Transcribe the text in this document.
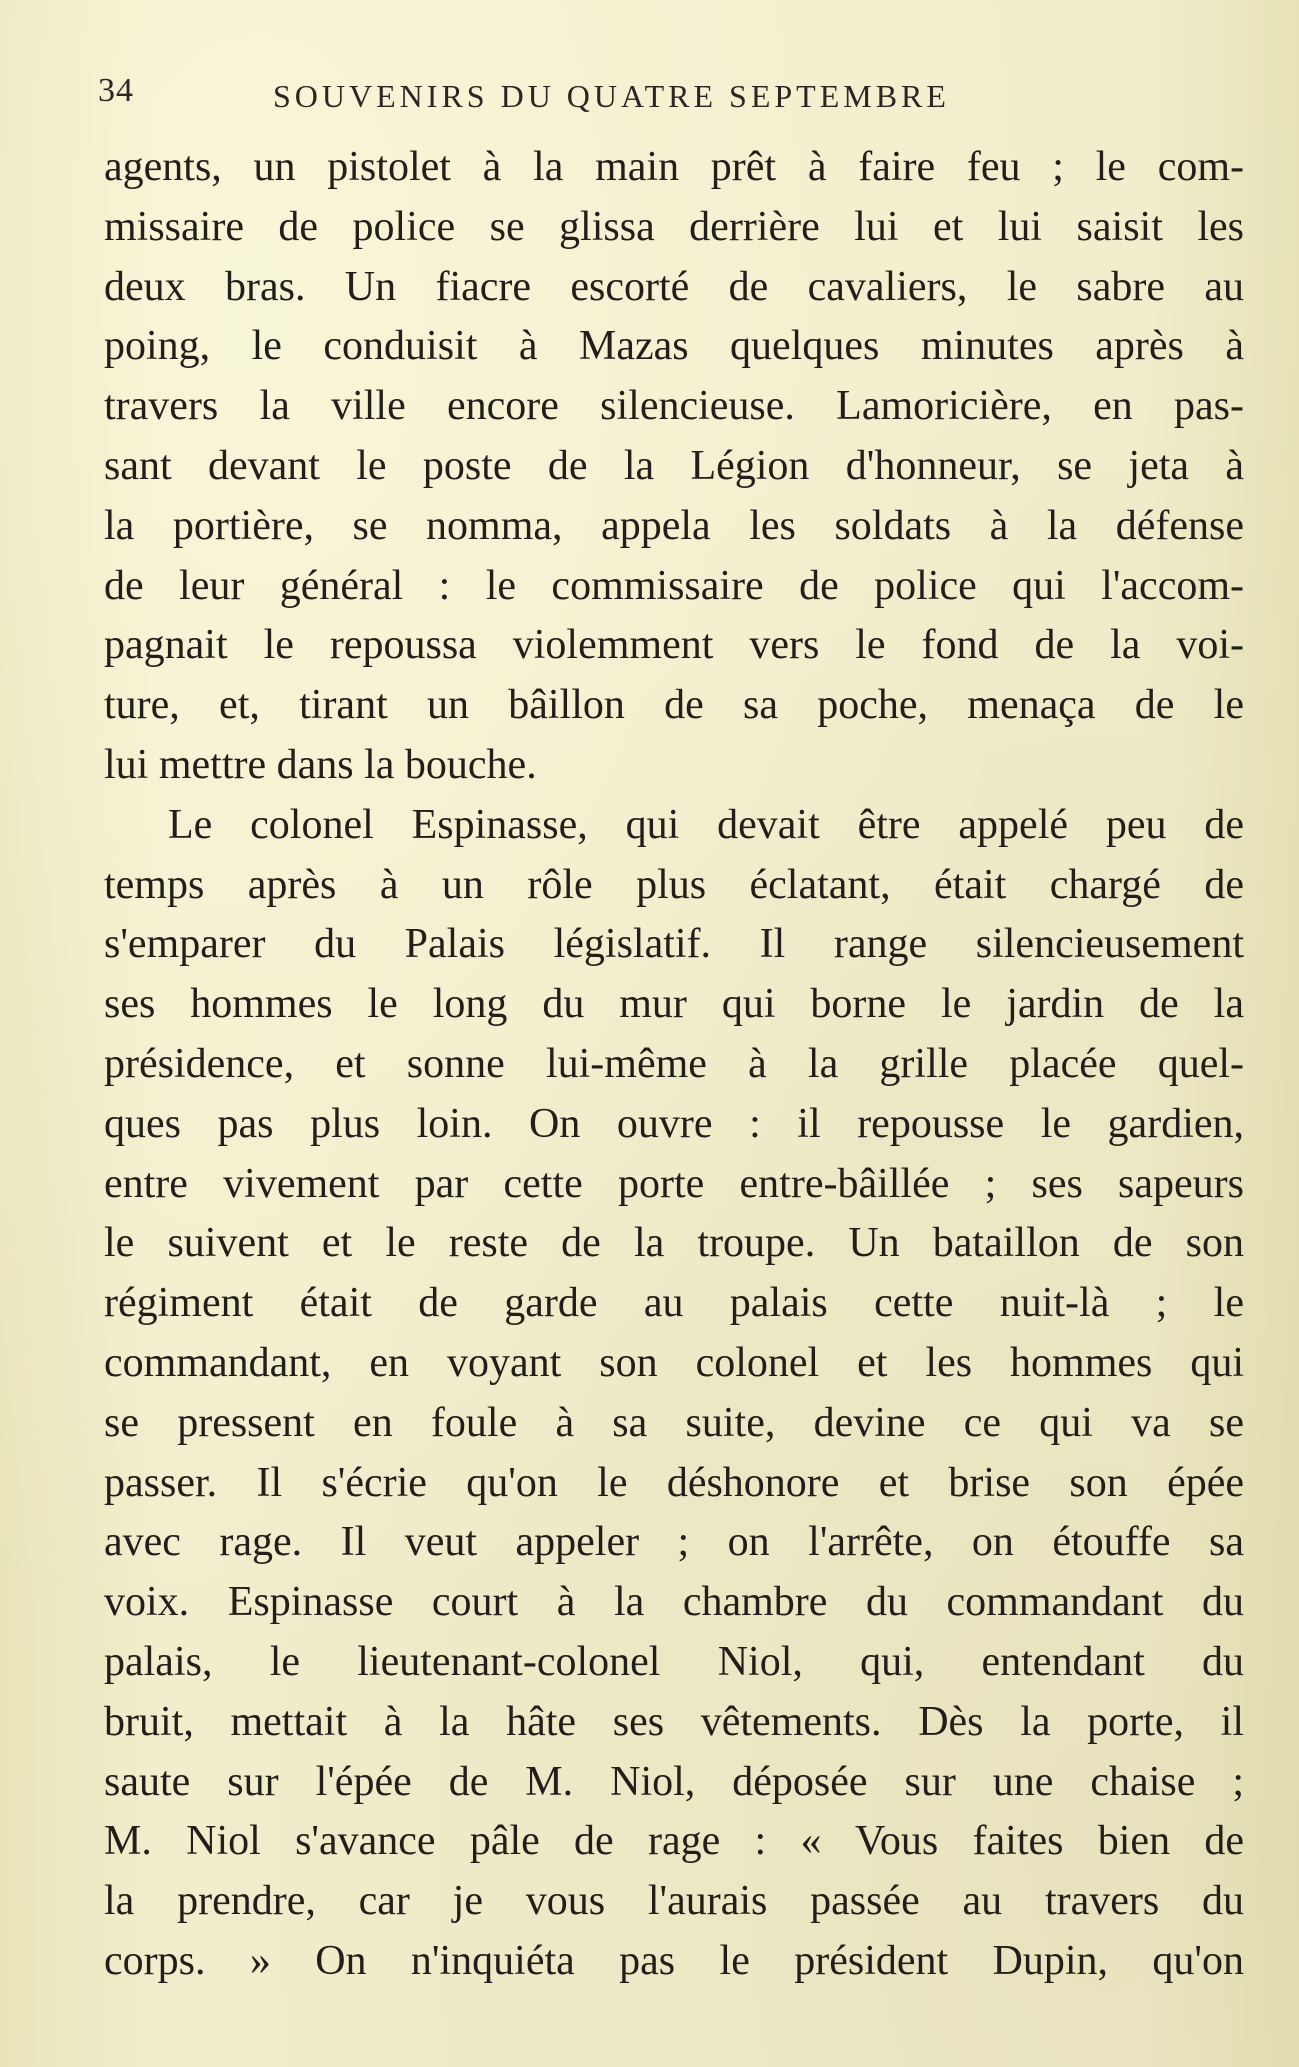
34	SOUVENIRS DU QUATRE SEPTEMBRE
agents, un pistolet à la main prêt à faire feu ; le com-
missaire de police se glissa derrière lui et lui saisit les
deux bras. Un fiacre escorté de cavaliers, le sabre au
poing, le conduisit à Mazas quelques minutes après à
travers la ville encore silencieuse. Lamoricière, en pas-
sant devant le poste de la Légion d'honneur, se jeta à
la portière, se nomma, appela les soldats à la défense
de leur général : le commissaire de police qui l'accom-
pagnait le repoussa violemment vers le fond de la voi-
ture, et, tirant un bâillon de sa poche, menaça de le
lui mettre dans la bouche.
Le colonel Espinasse, qui devait être appelé peu de
temps après à un rôle plus éclatant, était chargé de
s'emparer du Palais législatif. Il range silencieusement
ses hommes le long du mur qui borne le jardin de la
présidence, et sonne lui-même à la grille placée quel-
ques pas plus loin. On ouvre : il repousse le gardien,
entre vivement par cette porte entre-bâillée ; ses sapeurs
le suivent et le reste de la troupe. Un bataillon de son
régiment était de garde au palais cette nuit-là ; le
commandant, en voyant son colonel et les hommes qui
se pressent en foule à sa suite, devine ce qui va se
passer. Il s'écrie qu'on le déshonore et brise son épée
avec rage. Il veut appeler ; on l'arrête, on étouffe sa
voix. Espinasse court à la chambre du commandant du
palais, le lieutenant-colonel Niol, qui, entendant du
bruit, mettait à la hâte ses vêtements. Dès la porte, il
saute sur l'épée de M. Niol, déposée sur une chaise ;
M. Niol s'avance pâle de rage : « Vous faites bien de
la prendre, car je vous l'aurais passée au travers du
corps. » On n'inquiéta pas le président Dupin, qu'on
